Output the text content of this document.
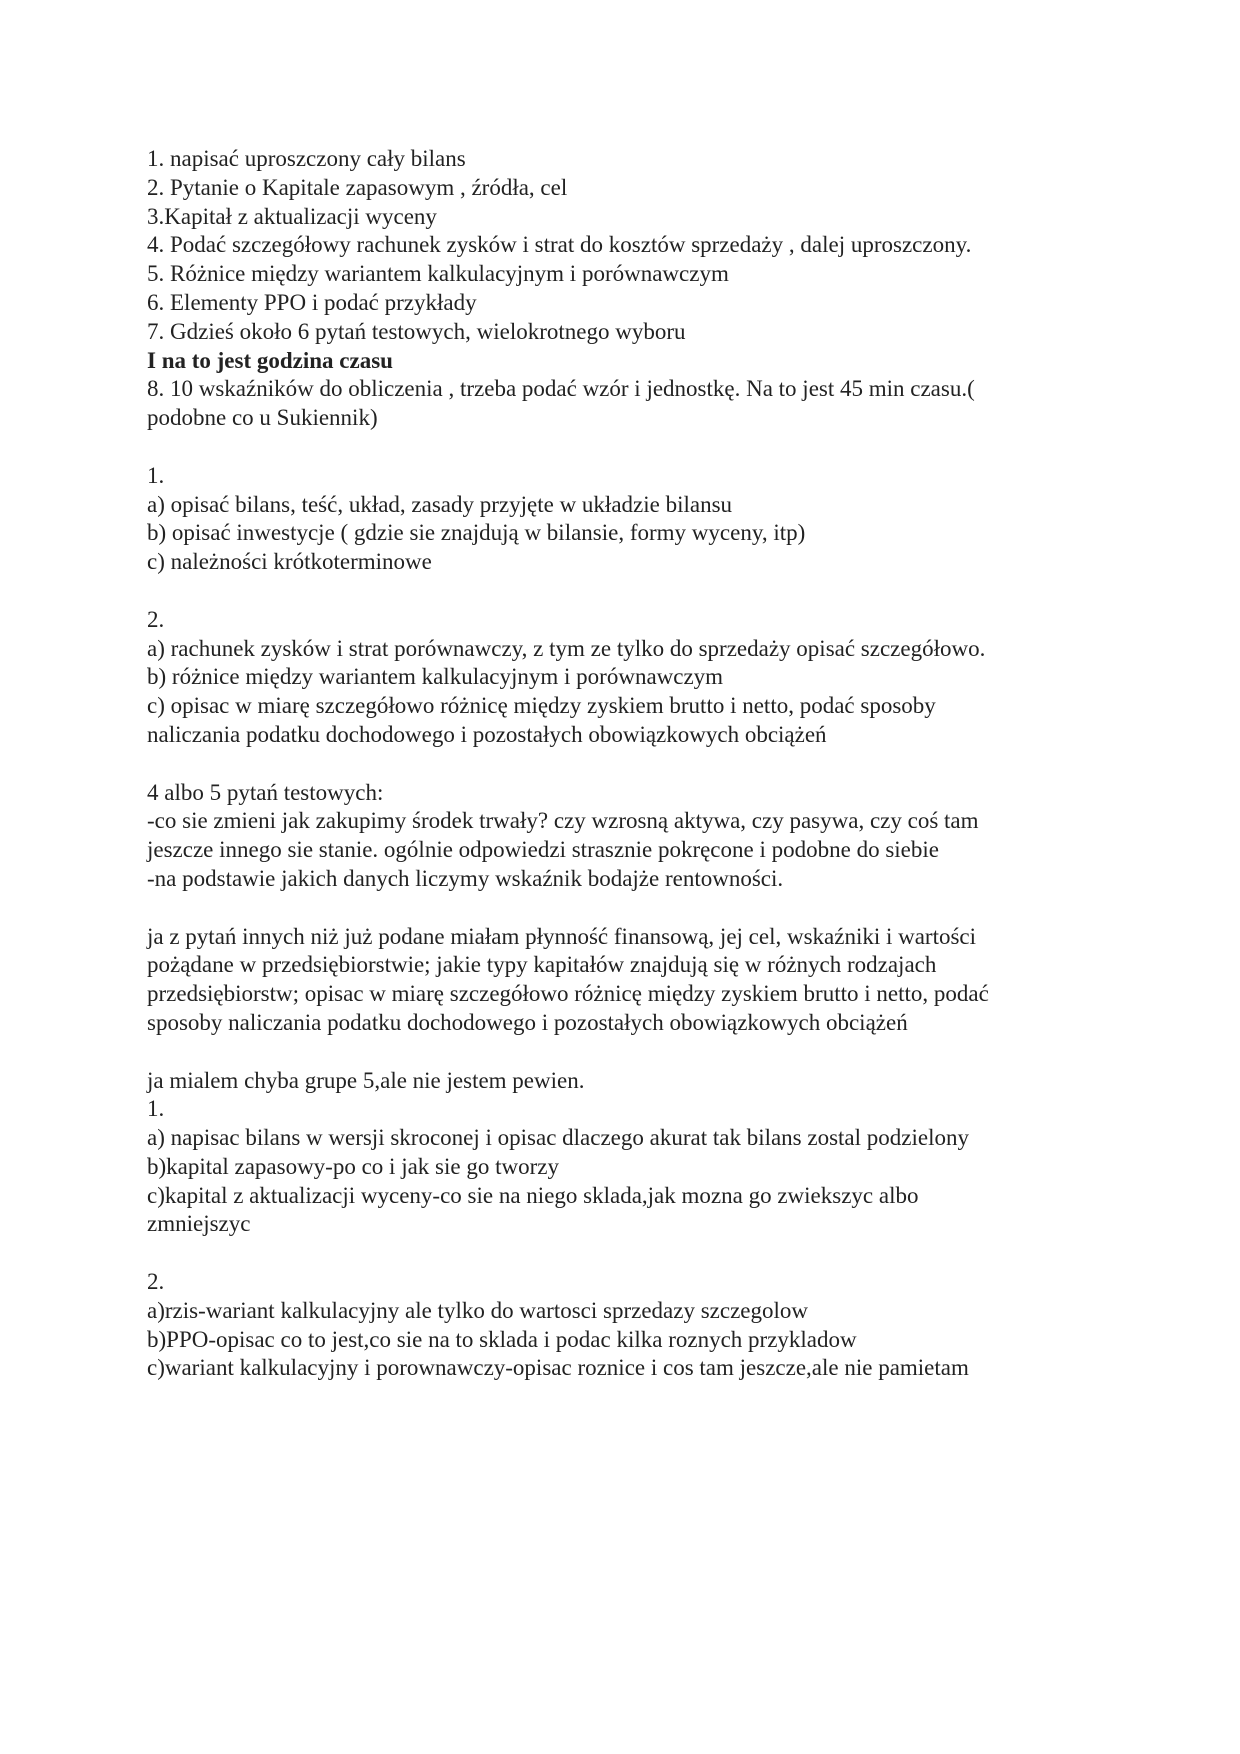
1. napisać uproszczony cały bilans
2. Pytanie o Kapitale zapasowym , źródła, cel
3.Kapitał z aktualizacji wyceny
4. Podać szczegółowy rachunek zysków i strat do kosztów sprzedaży , dalej uproszczony.
5. Różnice między wariantem kalkulacyjnym i porównawczym
6. Elementy PPO i podać przykłady
7. Gdzieś około 6 pytań testowych, wielokrotnego wyboru
I na to jest godzina czasu
8. 10 wskaźników do obliczenia , trzeba podać wzór i jednostkę. Na to jest 45 min czasu.(
podobne co u Sukiennik)
1.
a) opisać bilans, teść, układ, zasady przyjęte w układzie bilansu
b) opisać inwestycje ( gdzie sie znajdują w bilansie, formy wyceny, itp)
c) należności krótkoterminowe
2.
a) rachunek zysków i strat porównawczy, z tym ze tylko do sprzedaży opisać szczegółowo.
b) różnice między wariantem kalkulacyjnym i porównawczym
c) opisac w miarę szczegółowo różnicę między zyskiem brutto i netto, podać sposoby
naliczania podatku dochodowego i pozostałych obowiązkowych obciążeń
4 albo 5 pytań testowych:
-co sie zmieni jak zakupimy środek trwały? czy wzrosną aktywa, czy pasywa, czy coś tam
jeszcze innego sie stanie. ogólnie odpowiedzi strasznie pokręcone i podobne do siebie
-na podstawie jakich danych liczymy wskaźnik bodajże rentowności.
ja z pytań innych niż już podane miałam płynność finansową, jej cel, wskaźniki i wartości
pożądane w przedsiębiorstwie; jakie typy kapitałów znajdują się w różnych rodzajach
przedsiębiorstw; opisac w miarę szczegółowo różnicę między zyskiem brutto i netto, podać
sposoby naliczania podatku dochodowego i pozostałych obowiązkowych obciążeń
ja mialem chyba grupe 5,ale nie jestem pewien.
1.
a) napisac bilans w wersji skroconej i opisac dlaczego akurat tak bilans zostal podzielony
b)kapital zapasowy-po co i jak sie go tworzy
c)kapital z aktualizacji wyceny-co sie na niego sklada,jak mozna go zwiekszyc albo
zmniejszyc
2.
a)rzis-wariant kalkulacyjny ale tylko do wartosci sprzedazy szczegolow
b)PPO-opisac co to jest,co sie na to sklada i podac kilka roznych przykladow
c)wariant kalkulacyjny i porownawczy-opisac roznice i cos tam jeszcze,ale nie pamietam
